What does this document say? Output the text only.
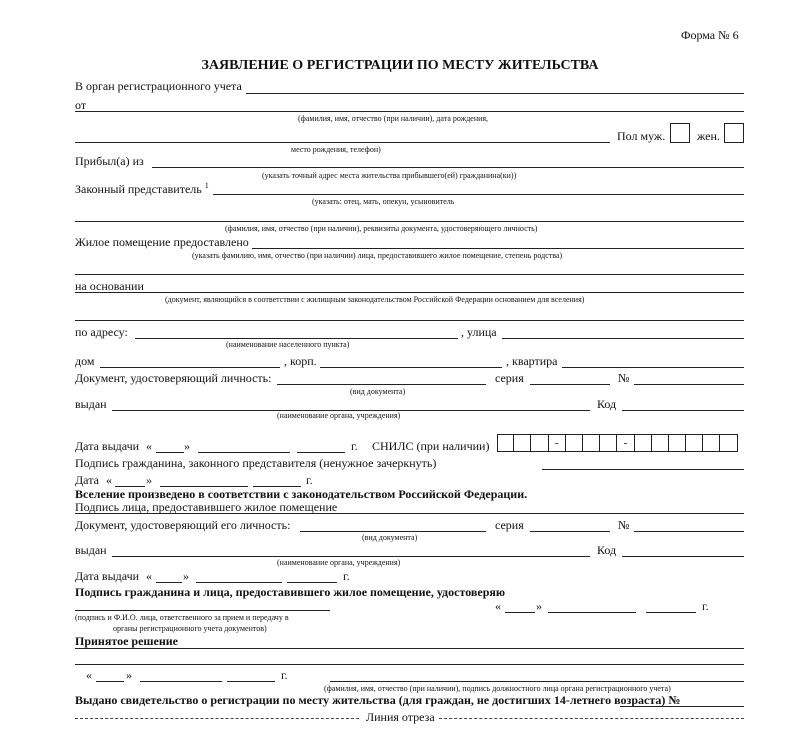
Форма № 6
ЗАЯВЛЕНИЕ О РЕГИСТРАЦИИ ПО МЕСТУ ЖИТЕЛЬСТВА
В орган регистрационного учета
от
(фамилия, имя, отчество (при наличии), дата рождения,
Пол муж.	жен.
место рождения, телефон)
Прибыл(а) из
(указать точный адрес места жительства прибывшего(ей) гражданина(ки))
Законный представитель $^1$
(указать: отец, мать, опекун, усыновитель
(фамилия, имя, отчество (при наличии), реквизиты документа, удостоверяющего личность)
Жилое помещение предоставлено
(указать фамилию, имя, отчество (при наличии) лица, предоставившего жилое помещение, степень родства)
на основании
(документ, являющийся в соответствии с жилищным законодательством Российской Федерации основанием для вселения)
по адресу:	, улица
(наименование населенного пункта)
дом	, корп.	, квартира
Документ, удостоверяющий личность:	серия	№
(вид документа)
выдан	Код
(наименование органа, учреждения)
Дата выдачи «	»	г. СНИЛС (при наличии)	-	-
Подпись гражданина, законного представителя (ненужное зачеркнуть)
Дата «	»	г.
Вселение произведено в соответствии с законодательством Российской Федерации.
Подпись лица, предоставившего жилое помещение
Документ, удостоверяющий его личность:	серия	№
(вид документа)
выдан	Код
(наименование органа, учреждения)
Дата выдачи «	»	г.
Подпись гражданина и лица, предоставившего жилое помещение, удостоверяю
«	»	г.
(подпись и Ф.И.О. лица, ответственного за прием и передачу в
органы регистрационного учета документов)
Принятое решение
«	»	г.
(фамилия, имя, отчество (при наличии), подпись должностного лица органа регистрационного учета)
Выдано свидетельство о регистрации по месту жительства (для граждан, не достигших 14-летнего возраста) №
Линия отреза
